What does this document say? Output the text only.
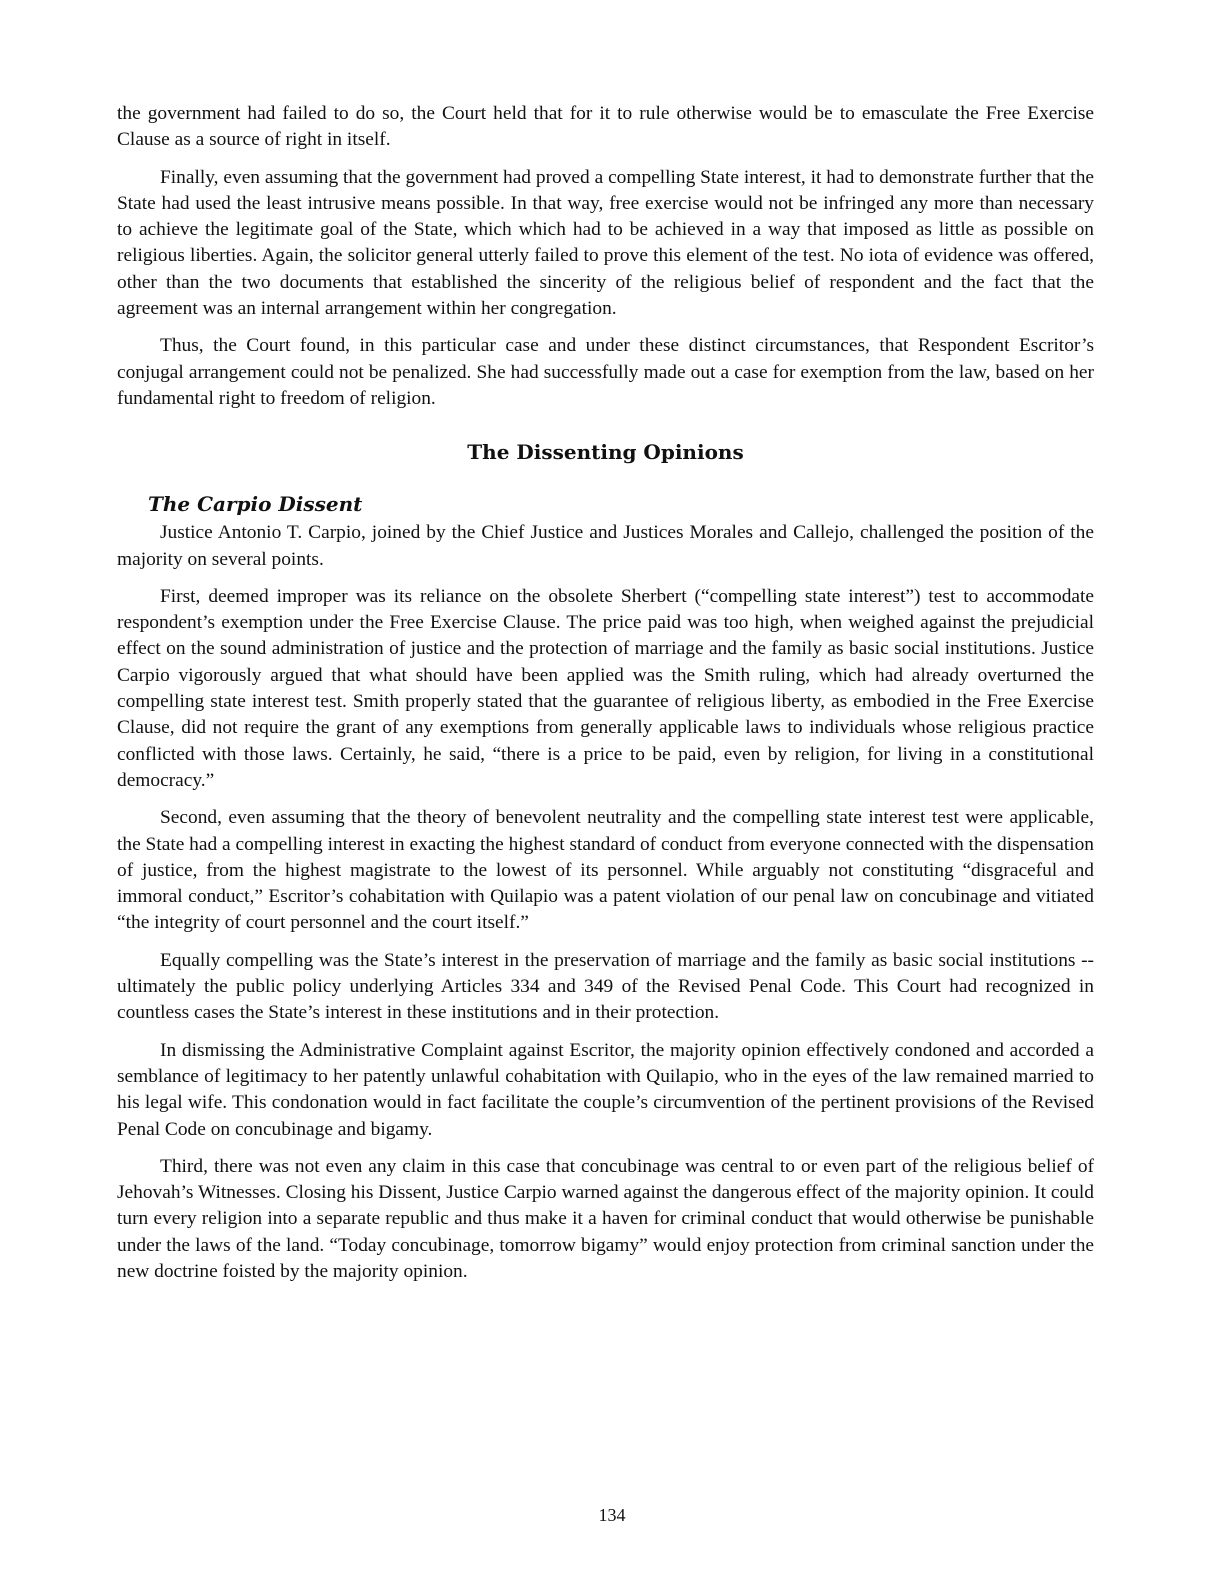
the government had failed to do so, the Court held that for it to rule otherwise would be to emasculate the Free Exercise Clause as a source of right in itself.

Finally, even assuming that the government had proved a compelling State interest, it had to demonstrate further that the State had used the least intrusive means possible. In that way, free exercise would not be infringed any more than necessary to achieve the legitimate goal of the State, which which had to be achieved in a way that imposed as little as possible on religious liberties. Again, the solicitor general utterly failed to prove this element of the test. No iota of evidence was offered, other than the two documents that established the sincerity of the religious belief of respondent and the fact that the agreement was an internal arrangement within her congregation.

Thus, the Court found, in this particular case and under these distinct circumstances, that Respondent Escritor’s conjugal arrangement could not be penalized. She had successfully made out a case for exemption from the law, based on her fundamental right to freedom of religion.

The Dissenting Opinions
The Carpio Dissent

Justice Antonio T. Carpio, joined by the Chief Justice and Justices Morales and Callejo, challenged the position of the majority on several points.

First, deemed improper was its reliance on the obsolete Sherbert (“compelling state interest”) test to accommodate respondent’s exemption under the Free Exercise Clause. The price paid was too high, when weighed against the prejudicial effect on the sound administration of justice and the protection of marriage and the family as basic social institutions. Justice Carpio vigorously argued that what should have been applied was the Smith ruling, which had already overturned the compelling state interest test. Smith properly stated that the guarantee of religious liberty, as embodied in the Free Exercise Clause, did not require the grant of any exemptions from generally applicable laws to individuals whose religious practice conflicted with those laws. Certainly, he said, “there is a price to be paid, even by religion, for living in a constitutional democracy.”

Second, even assuming that the theory of benevolent neutrality and the compelling state interest test were applicable, the State had a compelling interest in exacting the highest standard of conduct from everyone connected with the dispensation of justice, from the highest magistrate to the lowest of its personnel. While arguably not constituting “disgraceful and immoral conduct,” Escritor’s cohabitation with Quilapio was a patent violation of our penal law on concubinage and vitiated “the integrity of court personnel and the court itself.”

Equally compelling was the State’s interest in the preservation of marriage and the family as basic social institutions -- ultimately the public policy underlying Articles 334 and 349 of the Revised Penal Code. This Court had recognized in countless cases the State’s interest in these institutions and in their protection.

In dismissing the Administrative Complaint against Escritor, the majority opinion effectively condoned and accorded a semblance of legitimacy to her patently unlawful cohabitation with Quilapio, who in the eyes of the law remained married to his legal wife. This condonation would in fact facilitate the couple’s circumvention of the pertinent provisions of the Revised Penal Code on concubinage and bigamy.

Third, there was not even any claim in this case that concubinage was central to or even part of the religious belief of Jehovah’s Witnesses. Closing his Dissent, Justice Carpio warned against the dangerous effect of the majority opinion. It could turn every religion into a separate republic and thus make it a haven for criminal conduct that would otherwise be punishable under the laws of the land. “Today concubinage, tomorrow bigamy” would enjoy protection from criminal sanction under the new doctrine foisted by the majority opinion.

134
